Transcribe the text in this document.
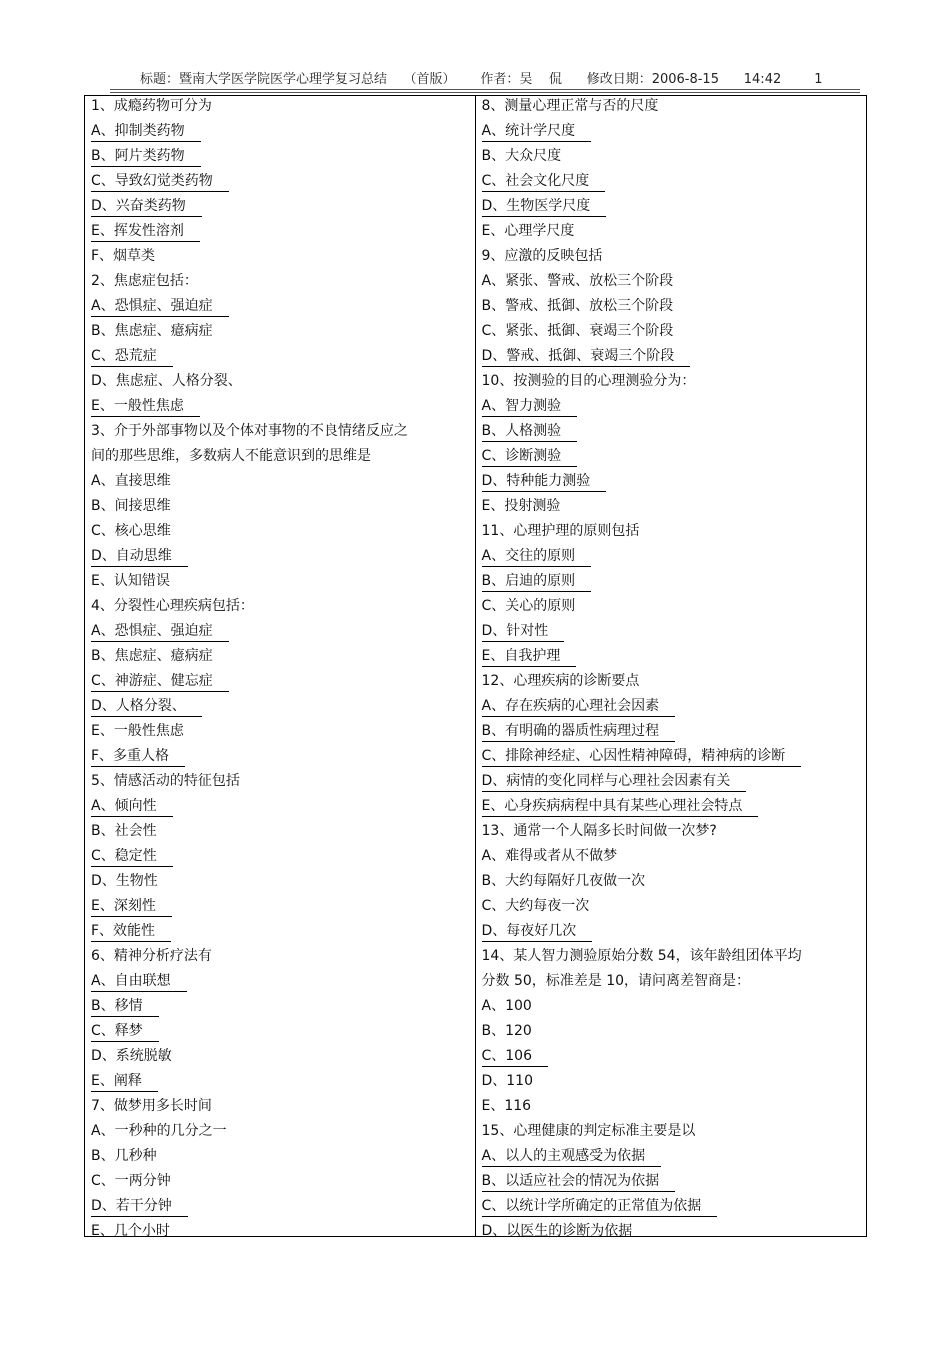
标题：暨南大学医学院医学心理学复习总结 （首版） 作者：吴    侃 修改日期：2006-8-15 14:42	1
1、成瘾药物可分为
A、抑制类药物
B、阿片类药物
C、导致幻觉类药物
D、兴奋类药物
E、挥发性溶剂
F、烟草类
2、焦虑症包括：
A、恐惧症、强迫症
B、焦虑症、癔病症
C、恐荒症
D、焦虑症、人格分裂、
E、一般性焦虑
3、介于外部事物以及个体对事物的不良情绪反应之
间的那些思维，多数病人不能意识到的思维是
A、直接思维
B、间接思维
C、核心思维
D、自动思维
E、认知错误
4、分裂性心理疾病包括：
A、恐惧症、强迫症
B、焦虑症、癔病症
C、神游症、健忘症
D、人格分裂、
E、一般性焦虑
F、多重人格
5、情感活动的特征包括
A、倾向性
B、社会性
C、稳定性
D、生物性
E、深刻性
F、效能性
6、精神分析疗法有
A、自由联想
B、移情
C、释梦
D、系统脱敏
E、阐释
7、做梦用多长时间
A、一秒种的几分之一
B、几秒种
C、一两分钟
D、若干分钟
E、几个小时
8、测量心理正常与否的尺度
A、统计学尺度
B、大众尺度
C、社会文化尺度
D、生物医学尺度
E、心理学尺度
9、应激的反映包括
A、紧张、警戒、放松三个阶段
B、警戒、抵御、放松三个阶段
C、紧张、抵御、衰竭三个阶段
D、警戒、抵御、衰竭三个阶段
10、按测验的目的心理测验分为：
A、智力测验
B、人格测验
C、诊断测验
D、特种能力测验
E、投射测验
11、心理护理的原则包括
A、交往的原则
B、启迪的原则
C、关心的原则
D、针对性
E、自我护理
12、心理疾病的诊断要点
A、存在疾病的心理社会因素
B、有明确的器质性病理过程
C、排除神经症、心因性精神障碍，精神病的诊断
D、病情的变化同样与心理社会因素有关
E、心身疾病病程中具有某些心理社会特点
13、通常一个人隔多长时间做一次梦?
A、难得或者从不做梦
B、大约每隔好几夜做一次
C、大约每夜一次
D、每夜好几次
14、某人智力测验原始分数 54，该年龄组团体平均
分数 50，标准差是 10，请问离差智商是：
A、100
B、120
C、106
D、110
E、116
15、心理健康的判定标准主要是以
A、以人的主观感受为依据
B、以适应社会的情况为依据
C、以统计学所确定的正常值为依据
D、以医生的诊断为依据
